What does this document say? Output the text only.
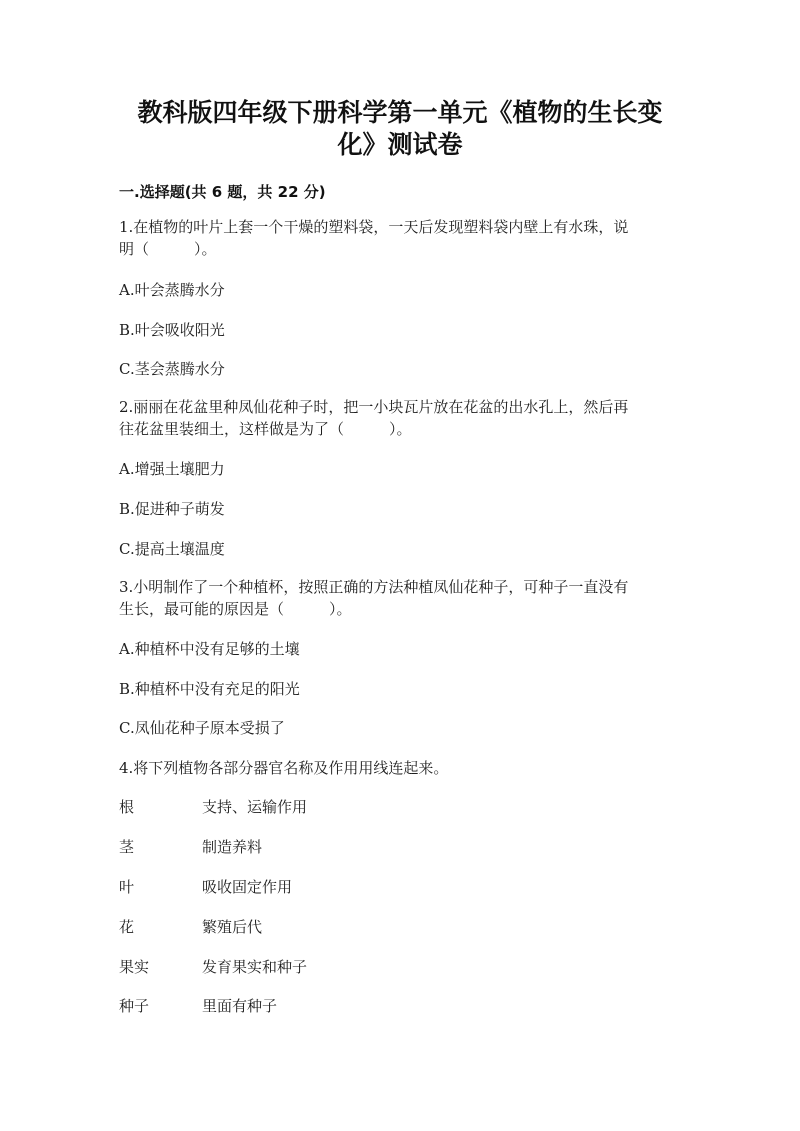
教科版四年级下册科学第一单元《植物的生长变
化》测试卷
一.选择题(共 6 题，共 22 分)
1.在植物的叶片上套一个干燥的塑料袋，一天后发现塑料袋内壁上有水珠，说
明（　　　）。
A.叶会蒸腾水分
B.叶会吸收阳光
C.茎会蒸腾水分
2.丽丽在花盆里种凤仙花种子时，把一小块瓦片放在花盆的出水孔上，然后再
往花盆里装细土，这样做是为了（　　　）。
A.增强土壤肥力
B.促进种子萌发
C.提高土壤温度
3.小明制作了一个种植杯，按照正确的方法种植凤仙花种子，可种子一直没有
生长，最可能的原因是（　　　）。
A.种植杯中没有足够的土壤
B.种植杯中没有充足的阳光
C.凤仙花种子原本受损了
4.将下列植物各部分器官名称及作用用线连起来。
根	支持、运输作用
茎	制造养料
叶	吸收固定作用
花	繁殖后代
果实	发育果实和种子
种子	里面有种子
